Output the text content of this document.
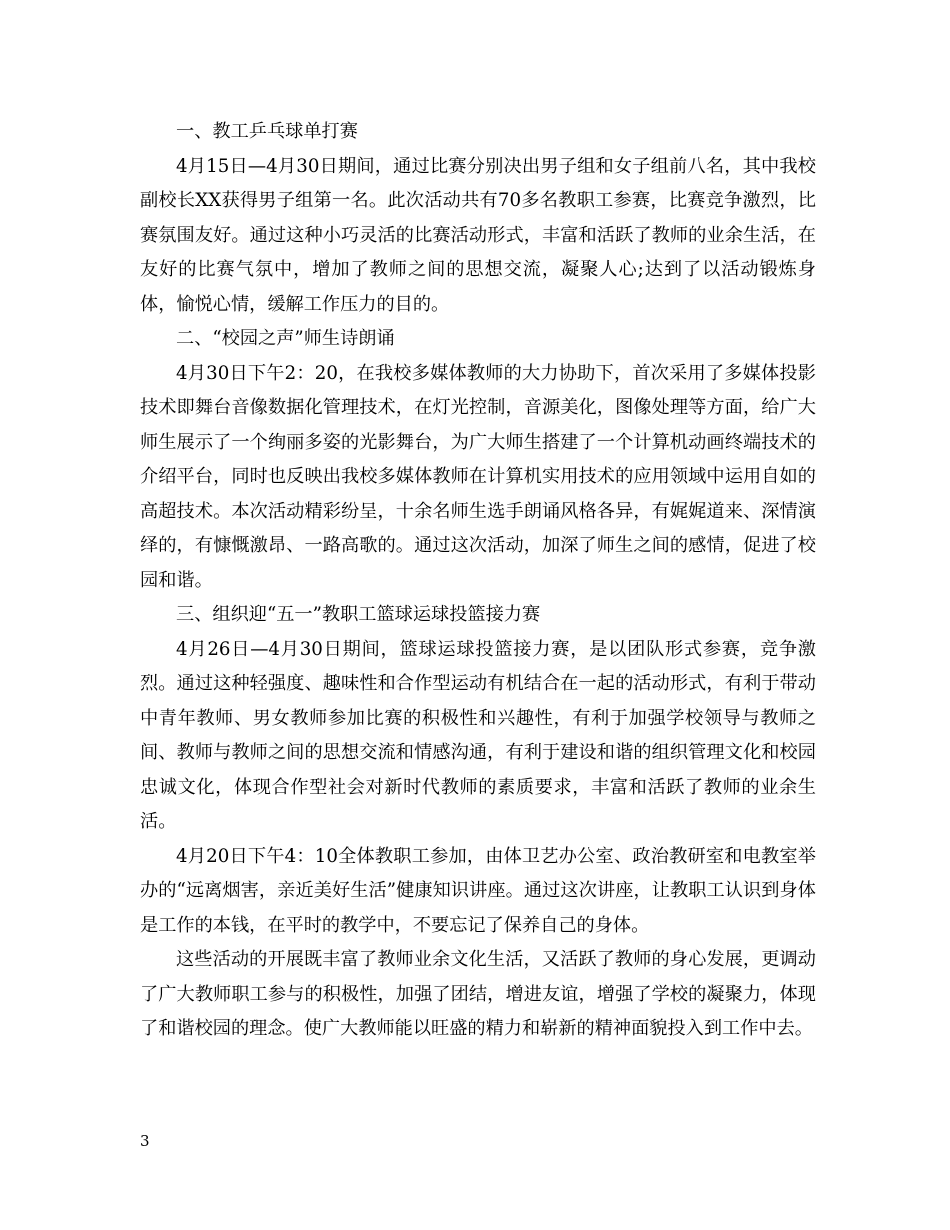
一、教工乒乓球单打赛

4月15日—4月30日期间，通过比赛分别决出男子组和女子组前八名，其中我校副校长XX获得男子组第一名。此次活动共有70多名教职工参赛，比赛竞争激烈，比赛氛围友好。通过这种小巧灵活的比赛活动形式，丰富和活跃了教师的业余生活，在友好的比赛气氛中，增加了教师之间的思想交流，凝聚人心;达到了以活动锻炼身体，愉悦心情，缓解工作压力的目的。

二、“校园之声”师生诗朗诵

4月30日下午2：20，在我校多媒体教师的大力协助下，首次采用了多媒体投影技术即舞台音像数据化管理技术，在灯光控制，音源美化，图像处理等方面，给广大师生展示了一个绚丽多姿的光影舞台，为广大师生搭建了一个计算机动画终端技术的介绍平台，同时也反映出我校多媒体教师在计算机实用技术的应用领域中运用自如的高超技术。本次活动精彩纷呈，十余名师生选手朗诵风格各异，有娓娓道来、深情演绎的，有慷慨激昂、一路高歌的。通过这次活动，加深了师生之间的感情，促进了校园和谐。

三、组织迎“五一”教职工篮球运球投篮接力赛

4月26日—4月30日期间，篮球运球投篮接力赛，是以团队形式参赛，竞争激烈。通过这种轻强度、趣味性和合作型运动有机结合在一起的活动形式，有利于带动中青年教师、男女教师参加比赛的积极性和兴趣性，有利于加强学校领导与教师之间、教师与教师之间的思想交流和情感沟通，有利于建设和谐的组织管理文化和校园忠诚文化，体现合作型社会对新时代教师的素质要求，丰富和活跃了教师的业余生活。

4月20日下午4：10全体教职工参加，由体卫艺办公室、政治教研室和电教室举办的“远离烟害，亲近美好生活”健康知识讲座。通过这次讲座，让教职工认识到身体是工作的本钱，在平时的教学中，不要忘记了保养自己的身体。

这些活动的开展既丰富了教师业余文化生活，又活跃了教师的身心发展，更调动了广大教师职工参与的积极性，加强了团结，增进友谊，增强了学校的凝聚力，体现了和谐校园的理念。使广大教师能以旺盛的精力和崭新的精神面貌投入到工作中去。

3
